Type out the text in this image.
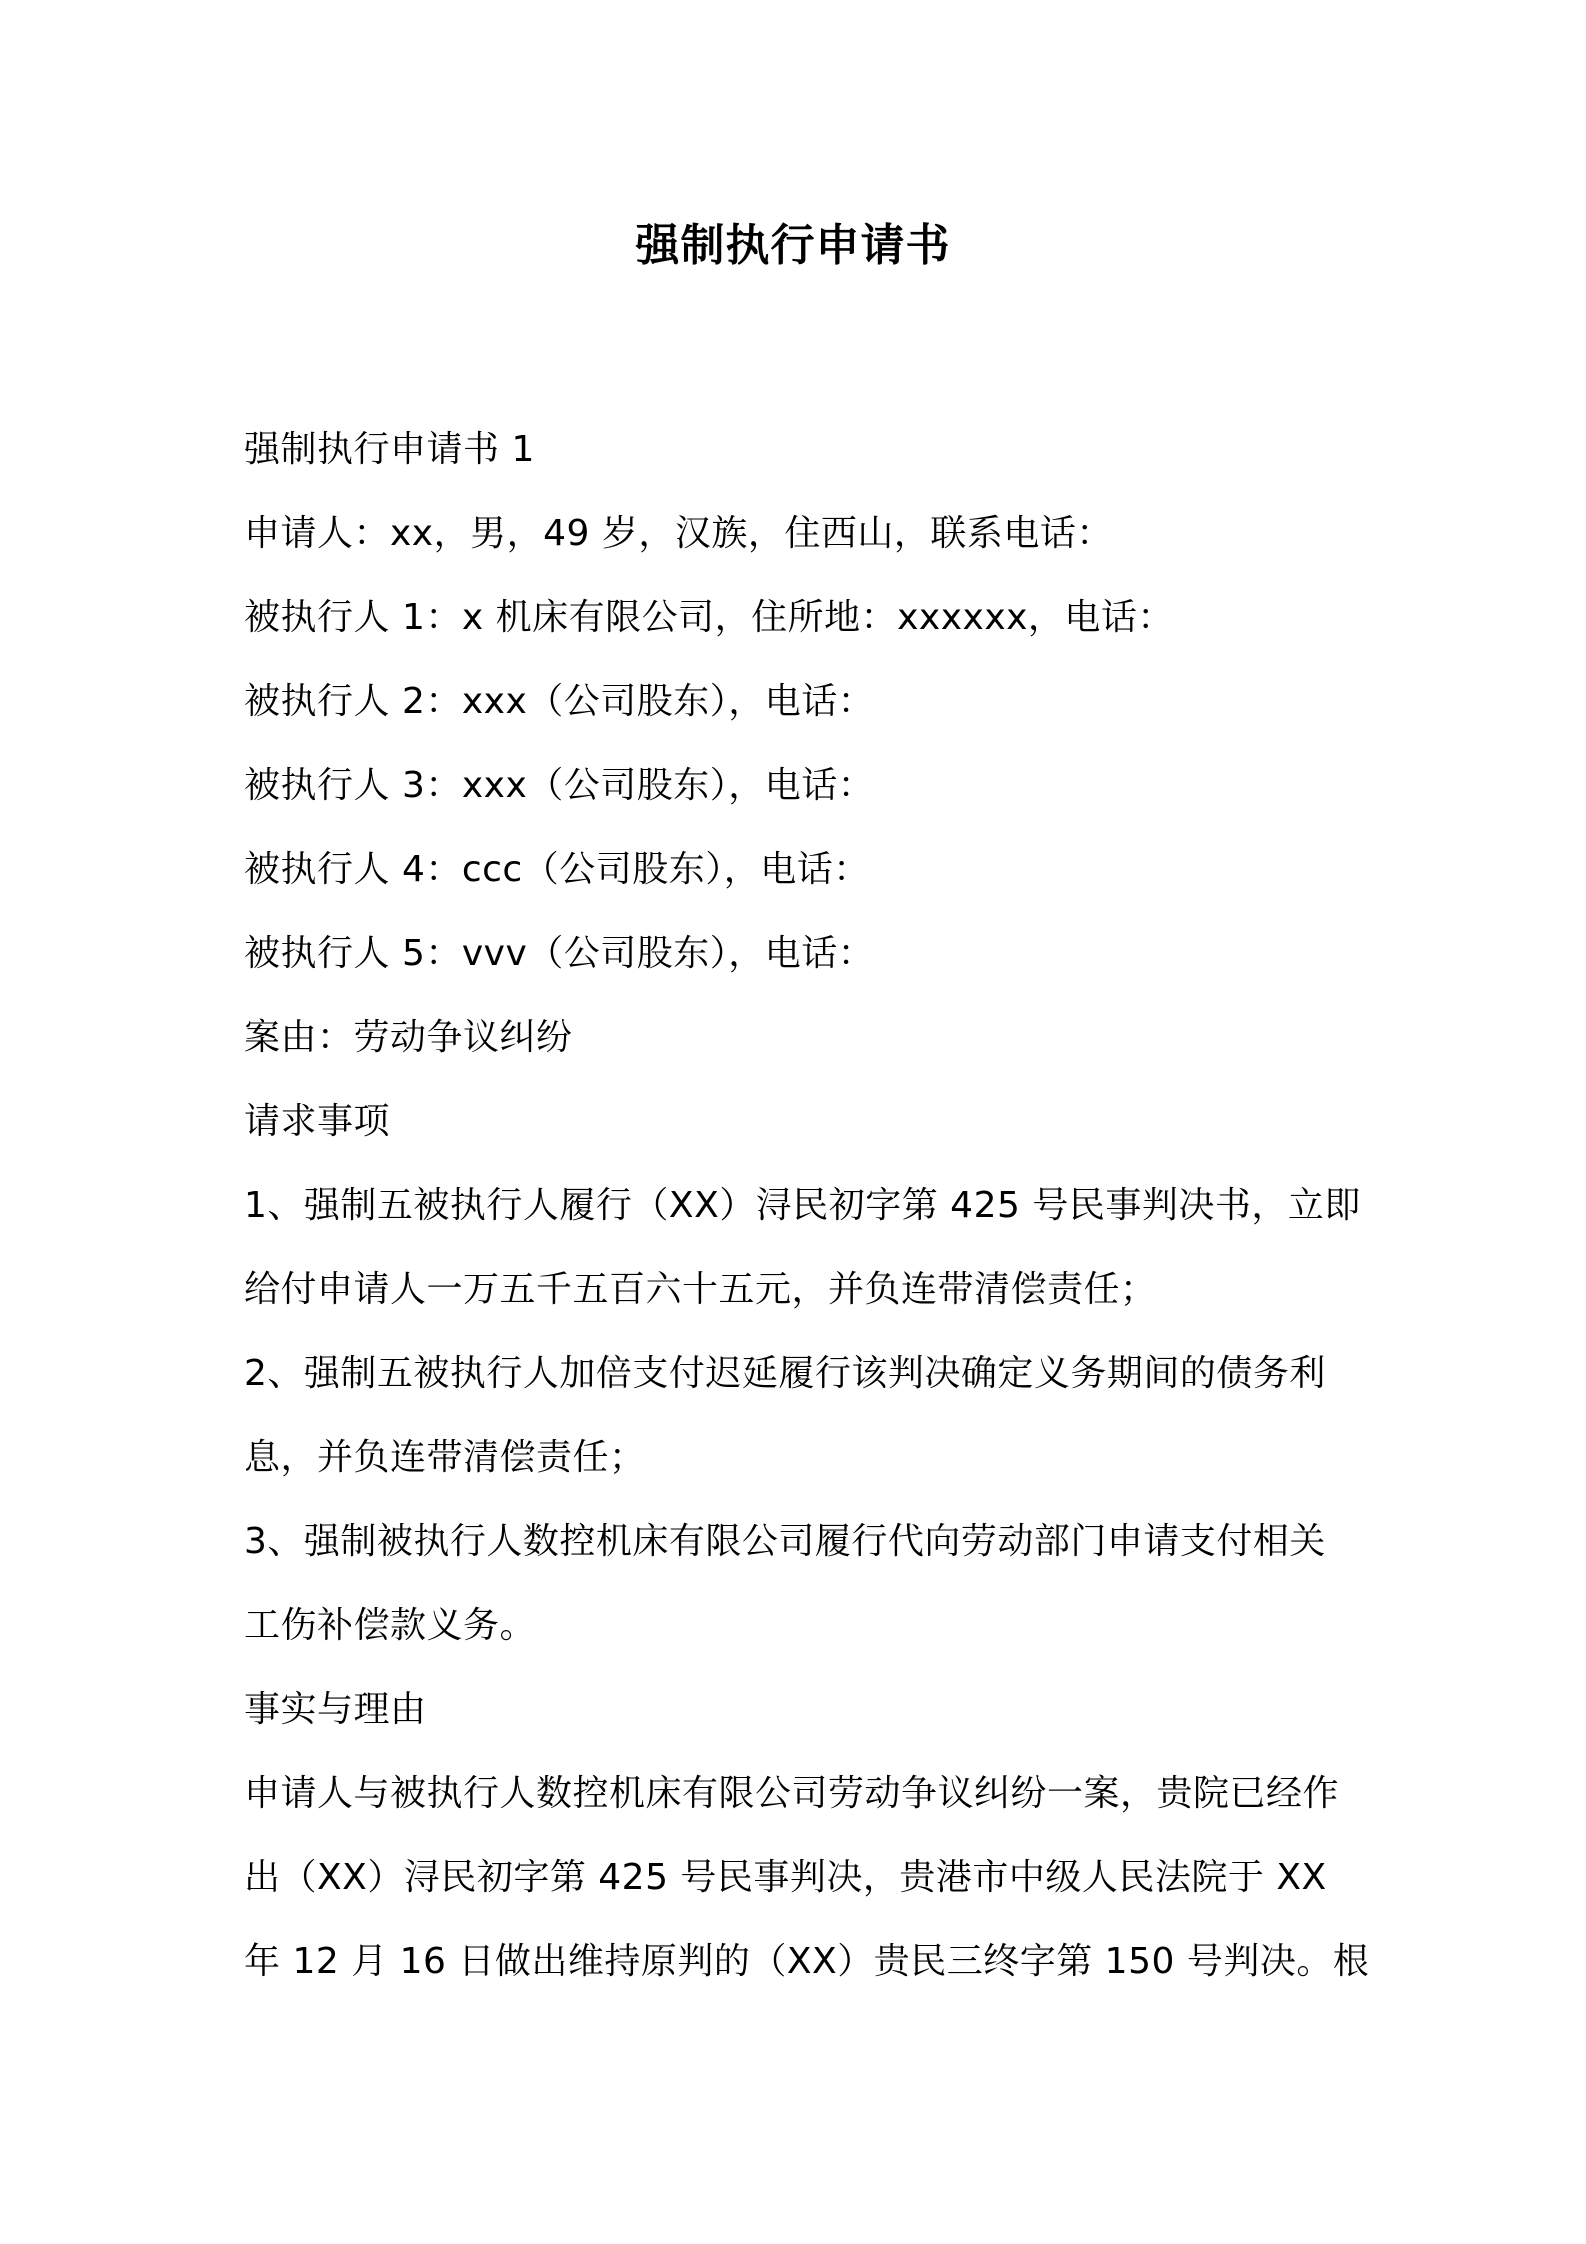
强制执行申请书
强制执行申请书 1
申请人：xx，男，49 岁，汉族，住西山，联系电话：
被执行人 1：x 机床有限公司，住所地：xxxxxx，电话：
被执行人 2：xxx（公司股东），电话：
被执行人 3：xxx（公司股东），电话：
被执行人 4：ccc（公司股东），电话：
被执行人 5：vvv（公司股东），电话：
案由：劳动争议纠纷
请求事项
1、强制五被执行人履行（XX）浔民初字第 425 号民事判决书，立即
给付申请人一万五千五百六十五元，并负连带清偿责任；
2、强制五被执行人加倍支付迟延履行该判决确定义务期间的债务利
息，并负连带清偿责任；
3、强制被执行人数控机床有限公司履行代向劳动部门申请支付相关
工伤补偿款义务。
事实与理由
申请人与被执行人数控机床有限公司劳动争议纠纷一案，贵院已经作
出（XX）浔民初字第 425 号民事判决，贵港市中级人民法院于 XX
年 12 月 16 日做出维持原判的（XX）贵民三终字第 150 号判决。根
